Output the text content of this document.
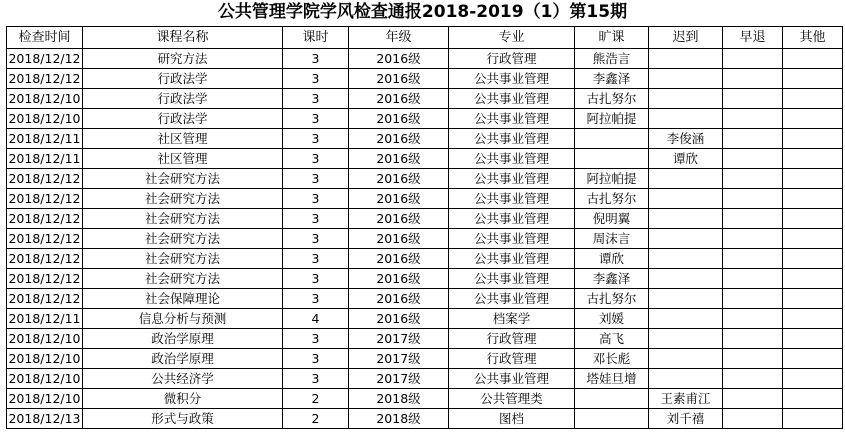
公共管理学院学风检查通报2018-2019（1）第15期
检查时间	课程名称	课时	年级	专业	旷课	迟到	早退	其他
2018/12/12	研究方法	3	2016级	行政管理	熊浩言			
2018/12/12	行政法学	3	2016级	公共事业管理	李鑫泽			
2018/12/10	行政法学	3	2016级	公共事业管理	古扎努尔			
2018/12/10	行政法学	3	2016级	公共事业管理	阿拉帕提			
2018/12/11	社区管理	3	2016级	公共事业管理		李俊涵		
2018/12/11	社区管理	3	2016级	公共事业管理		谭欣		
2018/12/12	社会研究方法	3	2016级	公共事业管理	阿拉帕提			
2018/12/12	社会研究方法	3	2016级	公共事业管理	古扎努尔			
2018/12/12	社会研究方法	3	2016级	公共事业管理	倪明翼			
2018/12/12	社会研究方法	3	2016级	公共事业管理	周沫言			
2018/12/12	社会研究方法	3	2016级	公共事业管理	谭欣			
2018/12/12	社会研究方法	3	2016级	公共事业管理	李鑫泽			
2018/12/12	社会保障理论	3	2016级	公共事业管理	古扎努尔			
2018/12/11	信息分析与预测	4	2016级	档案学	刘媛			
2018/12/10	政治学原理	3	2017级	行政管理	高飞			
2018/12/10	政治学原理	3	2017级	行政管理	邓长彪			
2018/12/10	公共经济学	3	2017级	公共事业管理	塔娃旦增			
2018/12/10	微积分	2	2018级	公共管理类		王素甫江		
2018/12/13	形式与政策	2	2018级	图档		刘千禧		
